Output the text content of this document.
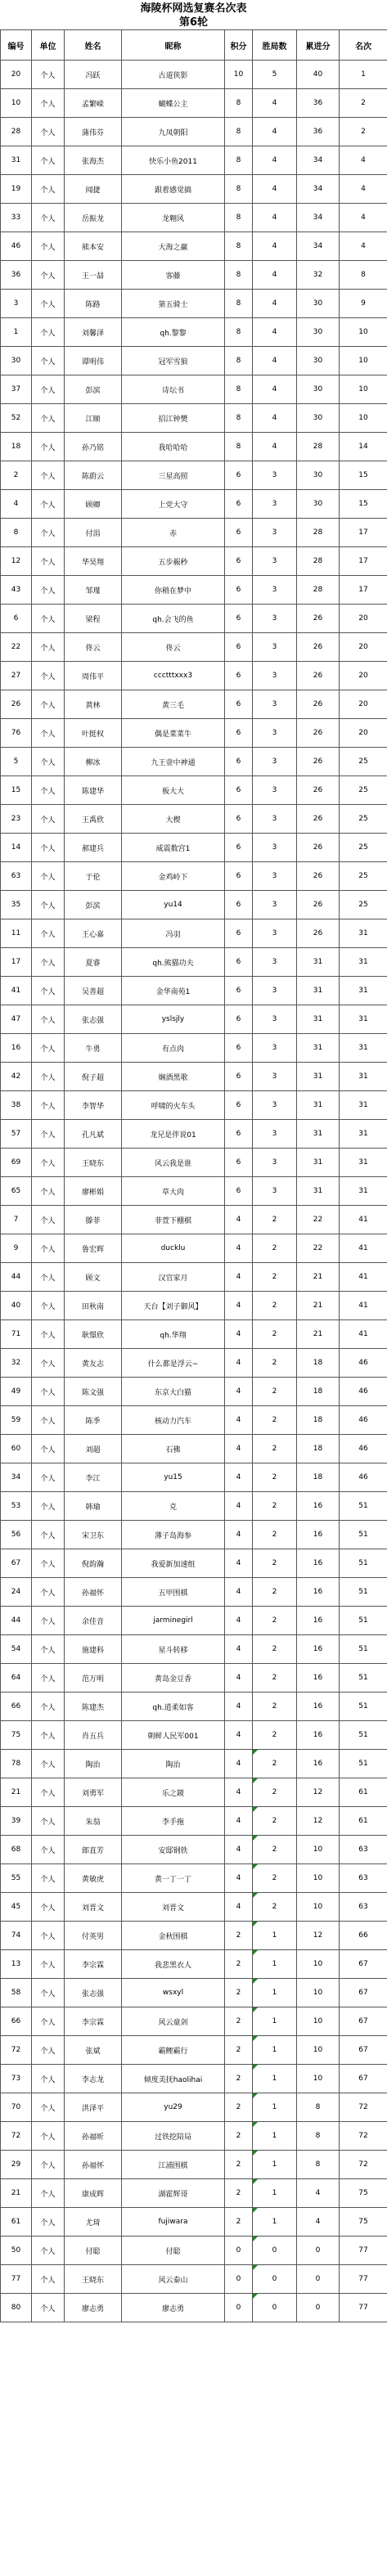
海陵杯网选复赛名次表
第6轮
编号	单位	姓名	昵称	积分	胜局数	累进分	名次
20	个人	冯跃	古道侠影	10	5	40	1
10	个人	孟繁嵘	蝴蝶公主	8	4	36	2
28	个人	蒲伟芬	九凤朝阳	8	4	36	2
31	个人	张海杰	快乐小鱼2011	8	4	34	4
19	个人	闻捷	跟着感觉搞	8	4	34	4
33	个人	岳振龙	龙翱风	8	4	34	4
46	个人	熊本安	大海之赢	8	4	34	4
36	个人	王一喆	客藤	8	4	32	8
3	个人	陈路	第五骑士	8	4	30	9
1	个人	刘馨泽	qh.黎黎	8	4	30	10
30	个人	谭明伟	冠军雪狼	8	4	30	10
37	个人	彭滨	诗坛书	8	4	30	10
52	个人	江顺	招江钟樊	8	4	30	10
18	个人	孙乃铭	我哈哈哈	8	4	28	14
2	个人	陈蔚云	三星高照	6	3	30	15
4	个人	顾卿	上党大守	6	3	30	15
8	个人	付涓	赤	6	3	28	17
12	个人	华昊翔	五步赧秒	6	3	28	17
43	个人	邹瑾	你稍在梦中	6	3	28	17
6	个人	梁程	qh.会飞的鱼	6	3	26	20
22	个人	佟云	佟云	6	3	26	20
27	个人	周伟平	ccctttxxx3	6	3	26	20
26	个人	黄林	黄三毛	6	3	26	20
76	个人	叶挺权	偶是菜菜牛	6	3	26	20
5	个人	柳冰	九王壹中神通	6	3	26	25
15	个人	陈建华	板大大	6	3	26	25
23	个人	王禹欣	大楔	6	3	26	25
14	个人	郝建兵	威震数宫1	6	3	26	25
63	个人	于伦	金鸡岭下	6	3	26	25
35	个人	彭滨	yu14	6	3	26	25
11	个人	王心嘉	冯羽	6	3	26	31
17	个人	夏睿	qh.熊猫功夫	6	3	31	31
41	个人	吴善超	金华南苑1	6	3	31	31
47	个人	张志强	yslsjly	6	3	31	31
16	个人	牛勇	有点肉	6	3	31	31
42	个人	倪子超	娴酒黑歌	6	3	31	31
38	个人	李智华	呼啸的火车头	6	3	31	31
57	个人	孔凡斌	龙兄是伴说01	6	3	31	31
69	个人	王晓东	风云我是谁	6	3	31	31
65	个人	廖彬娟	草大肉	6	3	31	31
7	个人	滕菲	菲萱下棚棋	4	2	22	41
9	个人	鲁宏辉	ducklu	4	2	22	41
44	个人	顾文	汉官家月	4	2	21	41
40	个人	田秋南	天台【刘子御风】	4	2	21	41
71	个人	耿憬欣	qh.华翔	4	2	21	41
32	个人	黄友志	什么都是浮云~	4	2	18	46
49	个人	陈文强	东京大白猫	4	2	18	46
59	个人	陈季	核动力汽车	4	2	18	46
60	个人	刘超	石佛	4	2	18	46
34	个人	李江	yu15	4	2	18	46
53	个人	韩瑜	克	4	2	16	51
56	个人	宋卫东	薄子岛海参	4	2	16	51
67	个人	倪韵瀚	我爱新加速组	4	2	16	51
24	个人	孙福怀	五甲围棋	4	2	16	51
44	个人	余佳音	jarminegirl	4	2	16	51
54	个人	施建科	星斗转移	4	2	16	51
64	个人	范万明	黄岛金豆香	4	2	16	51
66	个人	陈建杰	qh.逍柔如客	4	2	16	51
75	个人	肖五兵	朝鲜人民军001	4	2	16	51
78	个人	陶治	陶治	4	2	16	51
21	个人	刘勇军	乐之鏡	4	2	12	61
39	个人	朱翁	李手拖	4	2	12	61
68	个人	郎直芳	安邸钢铁	4	2	10	63
55	个人	黄敏虎	黄一丁一丁	4	2	10	63
45	个人	刘晋文	刘晋文	4	2	10	63
74	个人	付英男	金秋围棋	2	1	12	66
13	个人	李宗霖	我悲黑衣人	2	1	10	67
58	个人	张志强	wsxyl	2	1	10	67
66	个人	李宗霖	风云童剑	2	1	10	67
72	个人	张斌	霸鲤霸行	2	1	10	67
73	个人	李志龙	倾度美抚haolihai	2	1	10	67
70	个人	洪泽平	yu29	2	1	8	72
72	个人	孙福昕	过铁挖陪局	2	1	8	72
29	个人	孙福怀	江浦围棋	2	1	8	72
21	个人	康成辉	湖霍辉哥	2	1	4	75
61	个人	尤琦	fujiwara	2	1	4	75
50	个人	付聪	付聪	0	0	0	77
77	个人	王晓东	风云泰山	0	0	0	77
80	个人	廖志勇	廖志勇	0	0	0	77
